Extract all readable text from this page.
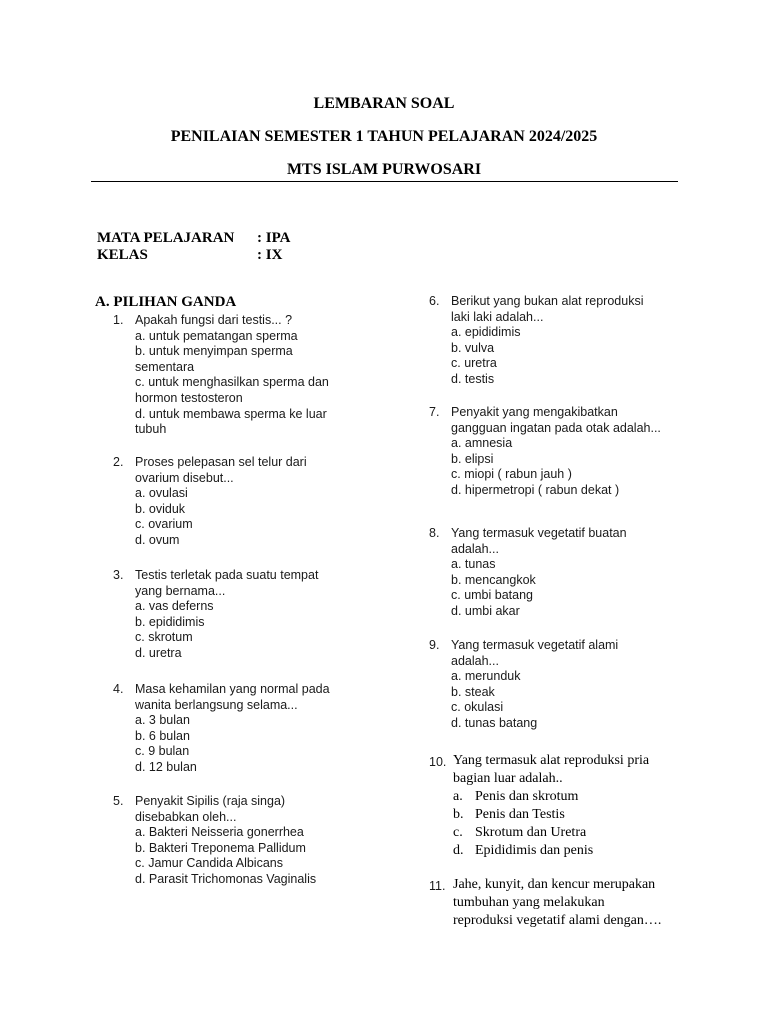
LEMBARAN SOAL
PENILAIAN SEMESTER 1 TAHUN PELAJARAN 2024/2025
MTS ISLAM PURWOSARI
MATA PELAJARAN : IPA
KELAS	: IX
A. PILIHAN GANDA
1. Apakah fungsi dari testis... ?
a. untuk pematangan sperma
b. untuk menyimpan sperma
sementara
c. untuk menghasilkan sperma dan
hormon testosteron
d. untuk membawa sperma ke luar
tubuh
2. Proses pelepasan sel telur dari
ovarium disebut...
a. ovulasi
b. oviduk
c. ovarium
d. ovum
3. Testis terletak pada suatu tempat
yang bernama...
a. vas deferns
b. epididimis
c. skrotum
d. uretra
4. Masa kehamilan yang normal pada
wanita berlangsung selama...
a. 3 bulan
b. 6 bulan
c. 9 bulan
d. 12 bulan
5. Penyakit Sipilis (raja singa)
disebabkan oleh...
a. Bakteri Neisseria gonerrhea
b. Bakteri Treponema Pallidum
c. Jamur Candida Albicans
d. Parasit Trichomonas Vaginalis
6. Berikut yang bukan alat reproduksi
laki laki adalah...
a. epididimis
b. vulva
c. uretra
d. testis
7. Penyakit yang mengakibatkan
gangguan ingatan pada otak adalah...
a. amnesia
b. elipsi
c. miopi ( rabun jauh )
d. hipermetropi ( rabun dekat )
8. Yang termasuk vegetatif buatan
adalah...
a. tunas
b. mencangkok
c. umbi batang
d. umbi akar
9. Yang termasuk vegetatif alami
adalah...
a. merunduk
b. steak
c. okulasi
d. tunas batang
10. Yang termasuk alat reproduksi pria
bagian luar adalah..
a. Penis dan skrotum
b. Penis dan Testis
c. Skrotum dan Uretra
d. Epididimis dan penis
11. Jahe, kunyit, dan kencur merupakan
tumbuhan yang melakukan
reproduksi vegetatif alami dengan….
